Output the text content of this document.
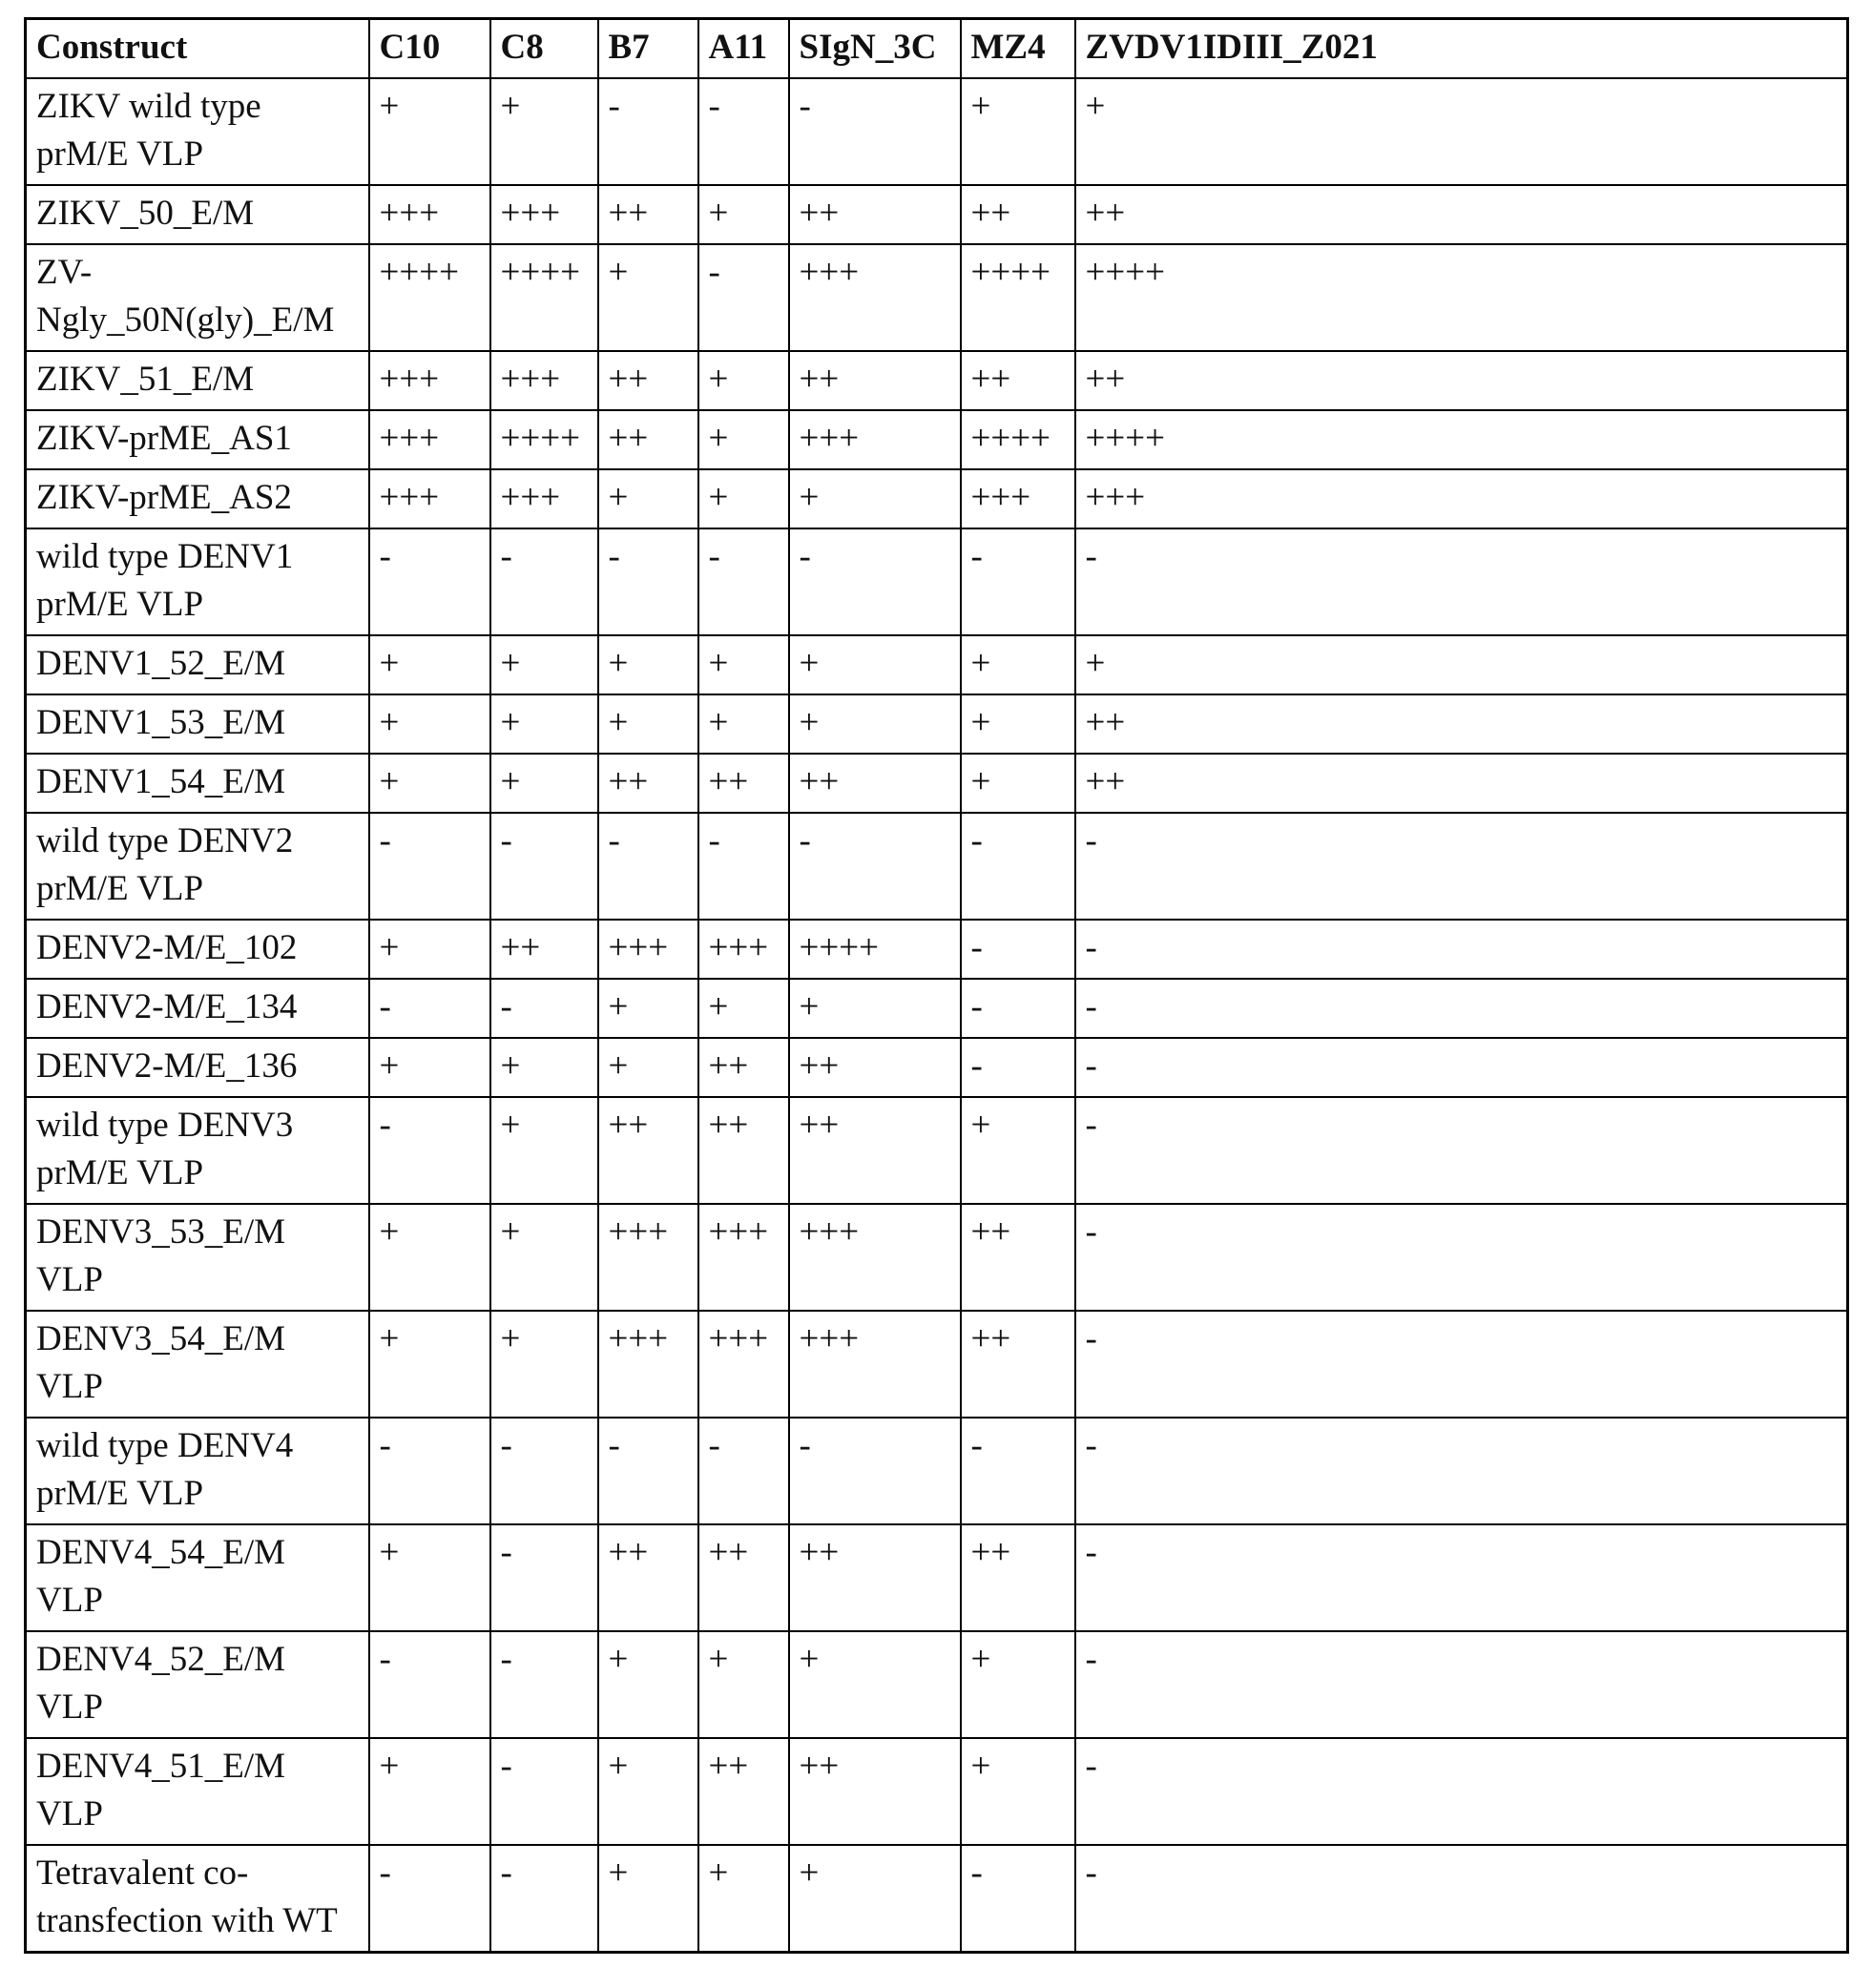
Construct	C10	C8	B7	A11	SIgN_3C	MZ4	ZVDV1IDIII_Z021
ZIKV wild type
prM/E VLP	+	+	-	-	-	+	+
ZIKV_50_E/M	+++	+++	++	+	++	++	++
ZV-
Ngly_50N(gly)_E/M	++++	++++	+	-	+++	++++	++++
ZIKV_51_E/M	+++	+++	++	+	++	++	++
ZIKV-prME_AS1	+++	++++	++	+	+++	++++	++++
ZIKV-prME_AS2	+++	+++	+	+	+	+++	+++
wild type DENV1
prM/E VLP	-	-	-	-	-	-	-
DENV1_52_E/M	+	+	+	+	+	+	+
DENV1_53_E/M	+	+	+	+	+	+	++
DENV1_54_E/M	+	+	++	++	++	+	++
wild type DENV2
prM/E VLP	-	-	-	-	-	-	-
DENV2-M/E_102	+	++	+++	+++	++++	-	-
DENV2-M/E_134	-	-	+	+	+	-	-
DENV2-M/E_136	+	+	+	++	++	-	-
wild type DENV3
prM/E VLP	-	+	++	++	++	+	-
DENV3_53_E/M
VLP	+	+	+++	+++	+++	++	-
DENV3_54_E/M
VLP	+	+	+++	+++	+++	++	-
wild type DENV4
prM/E VLP	-	-	-	-	-	-	-
DENV4_54_E/M
VLP	+	-	++	++	++	++	-
DENV4_52_E/M
VLP	-	-	+	+	+	+	-
DENV4_51_E/M
VLP	+	-	+	++	++	+	-
Tetravalent co-
transfection with WT	-	-	+	+	+	-	-
